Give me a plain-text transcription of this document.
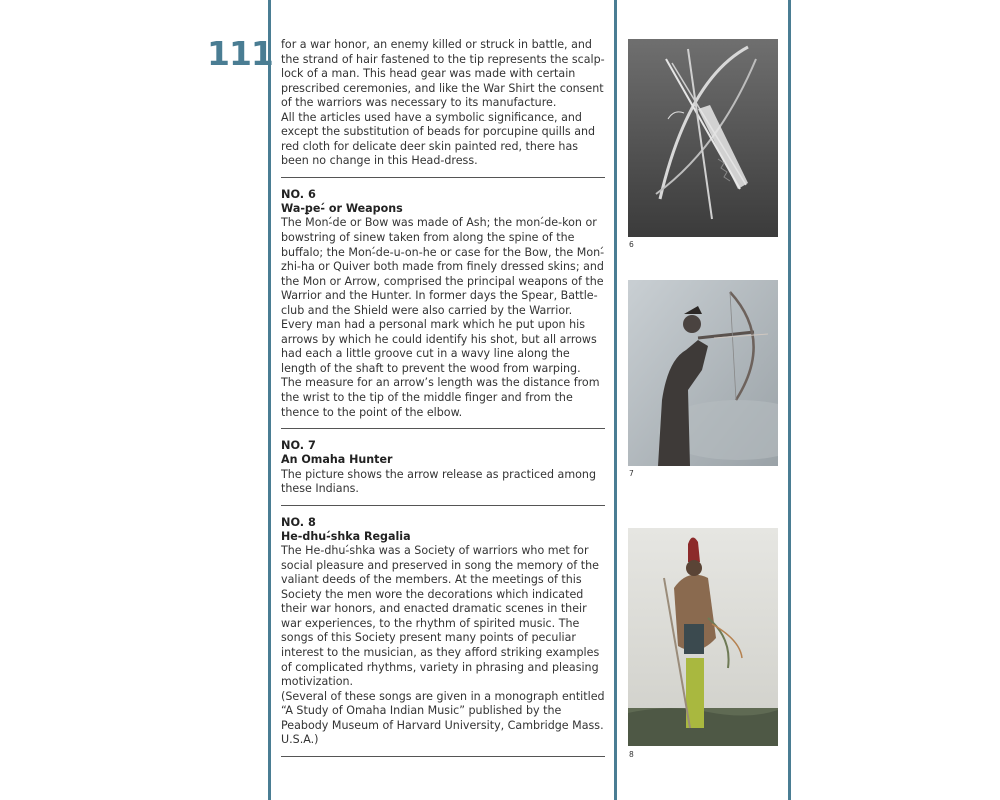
111 for a war honor, an enemy killed or struck in battle, and the strand of hair fastened to the tip represents the scalp-lock of a man. This head gear was made with certain prescribed ceremonies, and like the War Shirt the consent of the warriors was necessary to its manufacture.

All the articles used have a symbolic significance, and except the substitution of beads for porcupine quills and red cloth for delicate deer skin painted red, there has been no change in this Head-dress.

NO. 6
Wa-ꝑe-́ or Weapons

The Mon-́de or Bow was made of Ash; the mon-́de-kon or bowstring of sinew taken from along the spine of the buffalo; the Mon-́de-u-on-he or case for the Bow, the Mon-́zhi-ha or Quiver both made from finely dressed skins; and the Mon or Arrow, comprised the principal weapons of the Warrior and the Hunter. In former days the Spear, Battle-club and the Shield were also carried by the Warrior. Every man had a personal mark which he put upon his arrows by which he could identify his shot, but all arrows had each a little groove cut in a wavy line along the length of the shaft to prevent the wood from warping.

The measure for an arrow’s length was the distance from the wrist to the tip of the middle finger and from the thence to the point of the elbow.

NO. 7
An Omaha Hunter

The picture shows the arrow release as practiced among these Indians.

NO. 8
He-dhu-́shka Regalia

The He-dhu-́shka was a Society of warriors who met for social pleasure and preserved in song the memory of the valiant deeds of the members. At the meetings of this Society the men wore the decorations which indicated their war honors, and enacted dramatic scenes in their war experiences, to the rhythm of spirited music. The songs of this Society present many points of peculiar interest to the musician, as they afford striking examples of complicated rhythms, variety in phrasing and pleasing motivization.

(Several of these songs are given in a monograph entitled “A Study of Omaha Indian Music” published by the Peabody Museum of Harvard University, Cambridge Mass. U.S.A.)

6
7
8
